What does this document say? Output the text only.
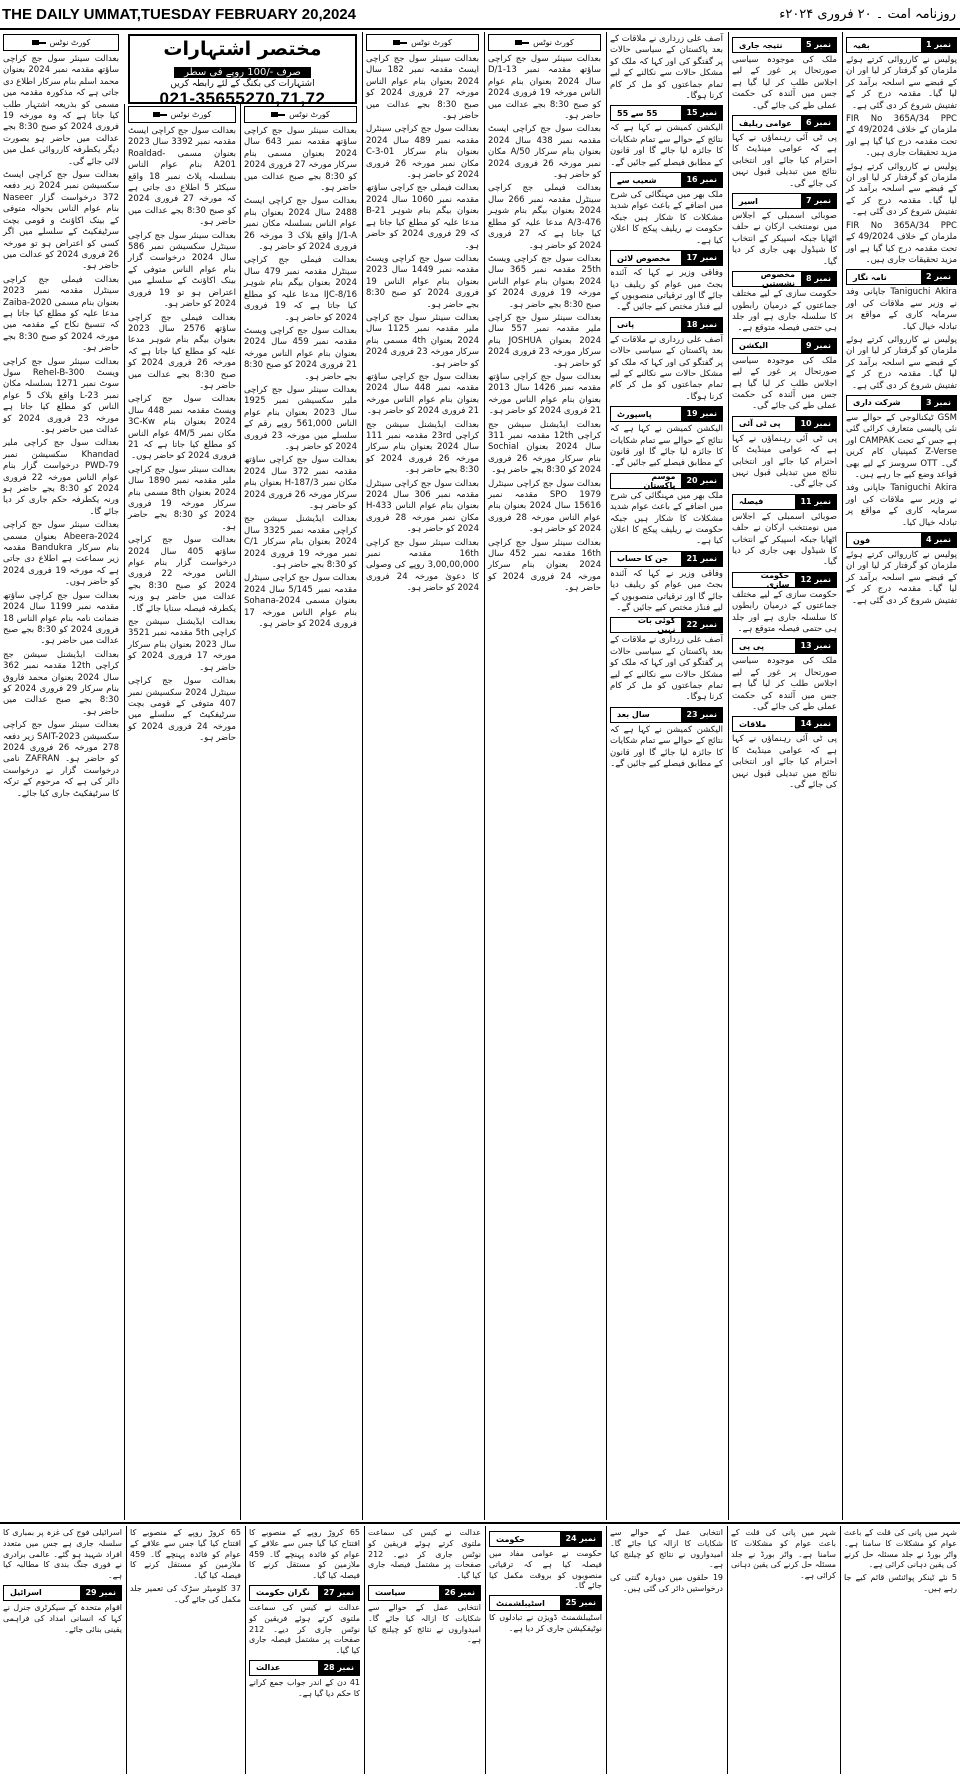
THE DAILY UMMAT,TUESDAY FEBRUARY 20,2024	روزنامہ امت ۔ ۲۰ فروری ۲۰۲۴ء
کورٹ نوٹس

بعدالت سینئر سول جج کراچی ساؤتھ مقدمہ نمبر 2024 بعنوان محمد اسلم بنام سرکار اطلاع دی جاتی ہے کہ مذکورہ مقدمہ میں مسمی کو بذریعہ اشتہار طلب کیا جاتا ہے کہ وہ مورخہ 19 فروری 2024 کو صبح 8:30 بجے عدالت میں حاضر ہو بصورت دیگر یکطرفہ کارروائی عمل میں لائی جائے گی۔

بعدالت سول جج کراچی ایسٹ سکسیشن نمبر 2024 زیر دفعہ 372 درخواست گزار Naseer بنام عوام الناس بحوالہ متوفی کے بینک اکاؤنٹ و قومی بچت سرٹیفکیٹ کے سلسلے میں اگر کسی کو اعتراض ہو تو مورخہ 26 فروری 2024 کو عدالت میں حاضر ہو۔

بعدالت فیملی جج کراچی سینٹرل مقدمہ نمبر 2023 بعنوان بنام مسمی Zaiba-2020 مدعا علیہ کو مطلع کیا جاتا ہے کہ تنسیخ نکاح کے مقدمہ میں مورخہ 2024 کو صبح 8:30 بجے حاضر ہو۔

بعدالت سینئر سول جج کراچی ویسٹ Rehel-B-300 سول سوٹ نمبر 1271 بسلسلہ مکان نمبر L-23 واقع بلاک 5 عوام الناس کو مطلع کیا جاتا ہے مورخہ 23 فروری 2024 کو عدالت میں حاضر ہو۔

بعدالت سول جج کراچی ملیر Khandad سکسیشن نمبر PWD-79 درخواست گزار بنام عوام الناس مورخہ 22 فروری 2024 کو 8:30 بجے حاضر ہو ورنہ یکطرفہ حکم جاری کر دیا جائے گا۔

بعدالت سینئر سول جج کراچی Abeera-2024 بعنوان مسمی بنام سرکار Bandukra مقدمہ زیر سماعت ہے اطلاع دی جاتی ہے کہ مورخہ 19 فروری 2024 کو حاضر ہوں۔

بعدالت سول جج کراچی ساؤتھ مقدمہ نمبر 1199 سال 2024 ضمانت نامہ بنام عوام الناس 18 فروری 2024 کو 8:30 بجے صبح عدالت میں حاضر ہو۔

بعدالت ایڈیشنل سیشن جج کراچی 12th مقدمہ نمبر 362 سال 2024 بعنوان محمد فاروق بنام سرکار 29 فروری 2024 کو 8:30 بجے صبح عدالت میں حاضر ہو۔

بعدالت سینئر سول جج کراچی سکسیشن SAIT-2023 زیر دفعہ 278 مورخہ 26 فروری 2024 کو حاضر ہو۔ ZAFRAN نامی درخواست گزار نے درخواست دائر کی ہے کہ مرحوم کے ترکہ کا سرٹیفکیٹ جاری کیا جائے۔

مختصر اشتہارات
صرف -/100 روپے فی سطر
اشتہارات کی بکنگ کے لئے رابطہ کریں
021-35655270,71,72
کورٹ نوٹس

بعدالت سول جج کراچی ایسٹ مقدمہ نمبر 3392 سال 2023 بعنوان مسمی Roaldad-A201 بنام عوام الناس بسلسلہ پلاٹ نمبر 18 واقع سیکٹر 5 اطلاع دی جاتی ہے کہ مورخہ 27 فروری 2024 کو صبح 8:30 بجے عدالت میں حاضر ہو۔

بعدالت سینئر سول جج کراچی سینٹرل سکسیشن نمبر 586 سال 2024 درخواست گزار بنام عوام الناس متوفی کے بینک اکاؤنٹ کے سلسلے میں اعتراض ہو تو 19 فروری 2024 کو حاضر ہو۔

بعدالت فیملی جج کراچی ساؤتھ 2576 سال 2023 بعنوان بیگم بنام شوہر مدعا علیہ کو مطلع کیا جاتا ہے کہ مورخہ 26 فروری 2024 کو صبح 8:30 بجے عدالت میں حاضر ہو۔

بعدالت سول جج کراچی ویسٹ مقدمہ نمبر 448 سال 2024 بعنوان بنام 3C-Kw مکان نمبر 4M/5 عوام الناس کو مطلع کیا جاتا ہے کہ 21 فروری 2024 کو حاضر ہوں۔

بعدالت سینئر سول جج کراچی ملیر مقدمہ نمبر 1890 سال 2024 بعنوان 8th مسمی بنام سرکار مورخہ 19 فروری 2024 کو 8:30 بجے حاضر ہو۔

بعدالت سول جج کراچی ساؤتھ 405 سال 2024 درخواست گزار بنام عوام الناس مورخہ 22 فروری 2024 کو صبح 8:30 بجے عدالت میں حاضر ہو ورنہ یکطرفہ فیصلہ سنایا جائے گا۔

بعدالت ایڈیشنل سیشن جج کراچی 5th مقدمہ نمبر 3521 سال 2023 بعنوان بنام سرکار مورخہ 17 فروری 2024 کو حاضر ہو۔

بعدالت سول جج کراچی سینٹرل 2024 سکسیشن نمبر 407 متوفی کے قومی بچت سرٹیفکیٹ کے سلسلے میں مورخہ 24 فروری 2024 کو حاضر ہو۔

کورٹ نوٹس

بعدالت سینئر سول جج کراچی ساؤتھ مقدمہ نمبر 643 سال 2024 بعنوان مسمی بنام سرکار مورخہ 27 فروری 2024 کو 8:30 بجے صبح عدالت میں حاضر ہو۔

بعدالت سول جج کراچی ایسٹ 2488 سال 2024 بعنوان بنام عوام الناس بسلسلہ مکان نمبر J/1-A واقع بلاک 3 مورخہ 26 فروری 2024 کو حاضر ہو۔

بعدالت فیملی جج کراچی سینٹرل مقدمہ نمبر 479 سال 2024 بعنوان بیگم بنام شوہر IJC-8/16 مدعا علیہ کو مطلع کیا جاتا ہے کہ 19 فروری 2024 کو حاضر ہو۔

بعدالت سول جج کراچی ویسٹ مقدمہ نمبر 459 سال 2024 بعنوان بنام عوام الناس مورخہ 21 فروری 2024 کو صبح 8:30 بجے حاضر ہو۔

بعدالت سینئر سول جج کراچی ملیر سکسیشن نمبر 1925 سال 2023 بعنوان بنام عوام الناس 561,000 روپے رقم کے سلسلے میں مورخہ 23 فروری 2024 کو حاضر ہو۔

بعدالت سول جج کراچی ساؤتھ مقدمہ نمبر 372 سال 2024 مکان نمبر H-187/3 بعنوان بنام سرکار مورخہ 26 فروری 2024 کو حاضر ہو۔

بعدالت ایڈیشنل سیشن جج کراچی مقدمہ نمبر 3325 سال 2024 بعنوان بنام سرکار 1/C نمبر مورخہ 19 فروری 2024 کو 8:30 بجے حاضر ہو۔

بعدالت سول جج کراچی سینٹرل مقدمہ نمبر 5/145 سال 2024 بعنوان مسمی Sohana-2024 بنام عوام الناس مورخہ 17 فروری 2024 کو حاضر ہو۔

کورٹ نوٹس

بعدالت سینئر سول جج کراچی ایسٹ مقدمہ نمبر 182 سال 2024 بعنوان بنام عوام الناس مورخہ 27 فروری 2024 کو صبح 8:30 بجے عدالت میں حاضر ہو۔

بعدالت سول جج کراچی سینٹرل مقدمہ نمبر 489 سال 2024 بعنوان بنام سرکار 01-C-3 مکان نمبر مورخہ 26 فروری 2024 کو حاضر ہو۔

بعدالت فیملی جج کراچی ساؤتھ مقدمہ نمبر 1060 سال 2024 بعنوان بیگم بنام شوہر B-21 مدعا علیہ کو مطلع کیا جاتا ہے کہ 29 فروری 2024 کو حاضر ہو۔

بعدالت سول جج کراچی ویسٹ مقدمہ نمبر 1449 سال 2023 بعنوان بنام عوام الناس 19 فروری 2024 کو صبح 8:30 بجے حاضر ہو۔

بعدالت سینئر سول جج کراچی ملیر مقدمہ نمبر 1125 سال 2024 بعنوان 4th مسمی بنام سرکار مورخہ 23 فروری 2024 کو حاضر ہو۔

بعدالت سول جج کراچی ساؤتھ مقدمہ نمبر 448 سال 2024 بعنوان بنام عوام الناس مورخہ 21 فروری 2024 کو حاضر ہو۔

بعدالت ایڈیشنل سیشن جج کراچی 23rd مقدمہ نمبر 111 سال 2024 بعنوان بنام سرکار مورخہ 26 فروری 2024 کو 8:30 بجے حاضر ہو۔

بعدالت سول جج کراچی سینٹرل مقدمہ نمبر 306 سال 2024 بعنوان بنام عوام الناس H-433 مکان نمبر مورخہ 28 فروری 2024 کو حاضر ہو۔

بعدالت سینئر سول جج کراچی 16th مقدمہ نمبر 3,00,00,000 روپے کی وصولی کا دعویٰ مورخہ 24 فروری 2024 کو حاضر ہو۔

کورٹ نوٹس

بعدالت سینئر سول جج کراچی ساؤتھ مقدمہ نمبر 13-D/1 سال 2024 بعنوان بنام عوام الناس مورخہ 19 فروری 2024 کو صبح 8:30 بجے عدالت میں حاضر ہو۔

بعدالت سول جج کراچی ایسٹ مقدمہ نمبر 438 سال 2024 بعنوان بنام سرکار 50/A مکان نمبر مورخہ 26 فروری 2024 کو حاضر ہو۔

بعدالت فیملی جج کراچی سینٹرل مقدمہ نمبر 266 سال 2024 بعنوان بیگم بنام شوہر A/3-476 مدعا علیہ کو مطلع کیا جاتا ہے کہ 27 فروری 2024 کو حاضر ہو۔

بعدالت سول جج کراچی ویسٹ 25th مقدمہ نمبر 365 سال 2024 بعنوان بنام عوام الناس مورخہ 19 فروری 2024 کو صبح 8:30 بجے حاضر ہو۔

بعدالت سینئر سول جج کراچی ملیر مقدمہ نمبر 557 سال 2024 بعنوان JOSHUA بنام سرکار مورخہ 23 فروری 2024 کو حاضر ہو۔

بعدالت سول جج کراچی ساؤتھ مقدمہ نمبر 1426 سال 2013 بعنوان بنام عوام الناس مورخہ 21 فروری 2024 کو حاضر ہو۔

بعدالت ایڈیشنل سیشن جج کراچی 12th مقدمہ نمبر 311 سال 2024 بعنوان Sochial بنام سرکار مورخہ 26 فروری 2024 کو 8:30 بجے حاضر ہو۔

بعدالت سول جج کراچی سینٹرل SPO 1979 مقدمہ نمبر 15616 سال 2024 بعنوان بنام عوام الناس مورخہ 28 فروری 2024 کو حاضر ہو۔

بعدالت سینئر سول جج کراچی 16th مقدمہ نمبر 452 سال 2024 بعنوان بنام سرکار مورخہ 24 فروری 2024 کو حاضر ہو۔

آصف علی زرداری نے ملاقات کے بعد پاکستان کے سیاسی حالات پر گفتگو کی اور کہا کہ ملک کو مشکل حالات سے نکالنے کے لیے تمام جماعتوں کو مل کر کام کرنا ہوگا۔

نمبر 15
55 سے 55

الیکشن کمیشن نے کہا ہے کہ نتائج کے حوالے سے تمام شکایات کا جائزہ لیا جائے گا اور قانون کے مطابق فیصلے کیے جائیں گے۔

نمبر 16
شعیب سے

ملک بھر میں مہنگائی کی شرح میں اضافے کے باعث عوام شدید مشکلات کا شکار ہیں جبکہ حکومت نے ریلیف پیکج کا اعلان کیا ہے۔

نمبر 17
مخصوص لائن

وفاقی وزیر نے کہا کہ آئندہ بجٹ میں عوام کو ریلیف دیا جائے گا اور ترقیاتی منصوبوں کے لیے فنڈز مختص کیے جائیں گے۔

نمبر 18
پانی

آصف علی زرداری نے ملاقات کے بعد پاکستان کے سیاسی حالات پر گفتگو کی اور کہا کہ ملک کو مشکل حالات سے نکالنے کے لیے تمام جماعتوں کو مل کر کام کرنا ہوگا۔

نمبر 19
پاسپورٹ

الیکشن کمیشن نے کہا ہے کہ نتائج کے حوالے سے تمام شکایات کا جائزہ لیا جائے گا اور قانون کے مطابق فیصلے کیے جائیں گے۔

نمبر 20
موسم پاکستان

ملک بھر میں مہنگائی کی شرح میں اضافے کے باعث عوام شدید مشکلات کا شکار ہیں جبکہ حکومت نے ریلیف پیکج کا اعلان کیا ہے۔

نمبر 21
جن کا حساب

وفاقی وزیر نے کہا کہ آئندہ بجٹ میں عوام کو ریلیف دیا جائے گا اور ترقیاتی منصوبوں کے لیے فنڈز مختص کیے جائیں گے۔

نمبر 22
کوئی بات نہیں

آصف علی زرداری نے ملاقات کے بعد پاکستان کے سیاسی حالات پر گفتگو کی اور کہا کہ ملک کو مشکل حالات سے نکالنے کے لیے تمام جماعتوں کو مل کر کام کرنا ہوگا۔

نمبر 23
سال بعد

الیکشن کمیشن نے کہا ہے کہ نتائج کے حوالے سے تمام شکایات کا جائزہ لیا جائے گا اور قانون کے مطابق فیصلے کیے جائیں گے۔

نمبر 5
نتیجہ جاری

ملک کی موجودہ سیاسی صورتحال پر غور کے لیے اجلاس طلب کر لیا گیا ہے جس میں آئندہ کی حکمت عملی طے کی جائے گی۔

نمبر 6
عوامی ریلیف

پی ٹی آئی رہنماؤں نے کہا ہے کہ عوامی مینڈیٹ کا احترام کیا جائے اور انتخابی نتائج میں تبدیلی قبول نہیں کی جائے گی۔

نمبر 7
اسیر

صوبائی اسمبلی کے اجلاس میں نومنتخب ارکان نے حلف اٹھایا جبکہ اسپیکر کے انتخاب کا شیڈول بھی جاری کر دیا گیا۔

نمبر 8
مخصوص نشستیں

حکومت سازی کے لیے مختلف جماعتوں کے درمیان رابطوں کا سلسلہ جاری ہے اور جلد ہی حتمی فیصلہ متوقع ہے۔

نمبر 9
الیکشن

ملک کی موجودہ سیاسی صورتحال پر غور کے لیے اجلاس طلب کر لیا گیا ہے جس میں آئندہ کی حکمت عملی طے کی جائے گی۔

نمبر 10
پی ٹی آئی

پی ٹی آئی رہنماؤں نے کہا ہے کہ عوامی مینڈیٹ کا احترام کیا جائے اور انتخابی نتائج میں تبدیلی قبول نہیں کی جائے گی۔

نمبر 11
فیصلہ

صوبائی اسمبلی کے اجلاس میں نومنتخب ارکان نے حلف اٹھایا جبکہ اسپیکر کے انتخاب کا شیڈول بھی جاری کر دیا گیا۔

نمبر 12
حکومت سازی

حکومت سازی کے لیے مختلف جماعتوں کے درمیان رابطوں کا سلسلہ جاری ہے اور جلد ہی حتمی فیصلہ متوقع ہے۔

نمبر 13
پی پی

ملک کی موجودہ سیاسی صورتحال پر غور کے لیے اجلاس طلب کر لیا گیا ہے جس میں آئندہ کی حکمت عملی طے کی جائے گی۔

نمبر 14
ملاقات

پی ٹی آئی رہنماؤں نے کہا ہے کہ عوامی مینڈیٹ کا احترام کیا جائے اور انتخابی نتائج میں تبدیلی قبول نہیں کی جائے گی۔

نمبر 1
بقیہ

پولیس نے کارروائی کرتے ہوئے ملزمان کو گرفتار کر لیا اور ان کے قبضے سے اسلحہ برآمد کر لیا گیا۔ مقدمہ درج کر کے تفتیش شروع کر دی گئی ہے۔

FIR No 365A/34 PPC ملزمان کے خلاف 49/2024 کے تحت مقدمہ درج کیا گیا ہے اور مزید تحقیقات جاری ہیں۔

پولیس نے کارروائی کرتے ہوئے ملزمان کو گرفتار کر لیا اور ان کے قبضے سے اسلحہ برآمد کر لیا گیا۔ مقدمہ درج کر کے تفتیش شروع کر دی گئی ہے۔

FIR No 365A/34 PPC ملزمان کے خلاف 49/2024 کے تحت مقدمہ درج کیا گیا ہے اور مزید تحقیقات جاری ہیں۔

نمبر 2
نامہ نگار

Taniguchi Akira جاپانی وفد نے وزیر سے ملاقات کی اور سرمایہ کاری کے مواقع پر تبادلہ خیال کیا۔

پولیس نے کارروائی کرتے ہوئے ملزمان کو گرفتار کر لیا اور ان کے قبضے سے اسلحہ برآمد کر لیا گیا۔ مقدمہ درج کر کے تفتیش شروع کر دی گئی ہے۔

نمبر 3
شرکت داری

GSM ٹیکنالوجی کے حوالے سے نئی پالیسی متعارف کرائی گئی ہے جس کے تحت CAMPAK اور Z-Verse کمپنیاں کام کریں گی۔ OTT سروسز کے لیے بھی قواعد وضع کیے جا رہے ہیں۔

Taniguchi Akira جاپانی وفد نے وزیر سے ملاقات کی اور سرمایہ کاری کے مواقع پر تبادلہ خیال کیا۔

نمبر 4
فون

پولیس نے کارروائی کرتے ہوئے ملزمان کو گرفتار کر لیا اور ان کے قبضے سے اسلحہ برآمد کر لیا گیا۔ مقدمہ درج کر کے تفتیش شروع کر دی گئی ہے۔

اسرائیلی فوج کی غزہ پر بمباری کا سلسلہ جاری ہے جس میں متعدد افراد شہید ہو گئے۔ عالمی برادری نے فوری جنگ بندی کا مطالبہ کیا ہے۔

نمبر 29
اسرائیل

اقوام متحدہ کے سیکرٹری جنرل نے کہا کہ انسانی امداد کی فراہمی یقینی بنائی جائے۔

65 کروڑ روپے کے منصوبے کا افتتاح کیا گیا جس سے علاقے کے عوام کو فائدہ پہنچے گا۔ 459 ملازمین کو مستقل کرنے کا فیصلہ کیا گیا۔

37 کلومیٹر سڑک کی تعمیر جلد مکمل کی جائے گی۔

65 کروڑ روپے کے منصوبے کا افتتاح کیا گیا جس سے علاقے کے عوام کو فائدہ پہنچے گا۔ 459 ملازمین کو مستقل کرنے کا فیصلہ کیا گیا۔

نمبر 27
نگران حکومت

عدالت نے کیس کی سماعت ملتوی کرتے ہوئے فریقین کو نوٹس جاری کر دیے۔ 212 صفحات پر مشتمل فیصلہ جاری کیا گیا۔

نمبر 28
عدالت

41 دن کے اندر جواب جمع کرانے کا حکم دیا گیا ہے۔

عدالت نے کیس کی سماعت ملتوی کرتے ہوئے فریقین کو نوٹس جاری کر دیے۔ 212 صفحات پر مشتمل فیصلہ جاری کیا گیا۔

نمبر 26
سیاست

انتخابی عمل کے حوالے سے شکایات کا ازالہ کیا جائے گا۔ امیدواروں نے نتائج کو چیلنج کیا ہے۔

نمبر 24
حکومت

حکومت نے عوامی مفاد میں فیصلہ کیا ہے کہ ترقیاتی منصوبوں کو بروقت مکمل کیا جائے گا۔

نمبر 25
اسٹیبلشمنٹ

اسٹیبلشمنٹ ڈویژن نے تبادلوں کا نوٹیفکیشن جاری کر دیا ہے۔

انتخابی عمل کے حوالے سے شکایات کا ازالہ کیا جائے گا۔ امیدواروں نے نتائج کو چیلنج کیا ہے۔

19 حلقوں میں دوبارہ گنتی کی درخواستیں دائر کی گئی ہیں۔

شہر میں پانی کی قلت کے باعث عوام کو مشکلات کا سامنا ہے۔ واٹر بورڈ نے جلد مسئلہ حل کرنے کی یقین دہانی کرائی ہے۔

شہر میں پانی کی قلت کے باعث عوام کو مشکلات کا سامنا ہے۔ واٹر بورڈ نے جلد مسئلہ حل کرنے کی یقین دہانی کرائی ہے۔

5 نئے ٹینکر پوائنٹس قائم کیے جا رہے ہیں۔
